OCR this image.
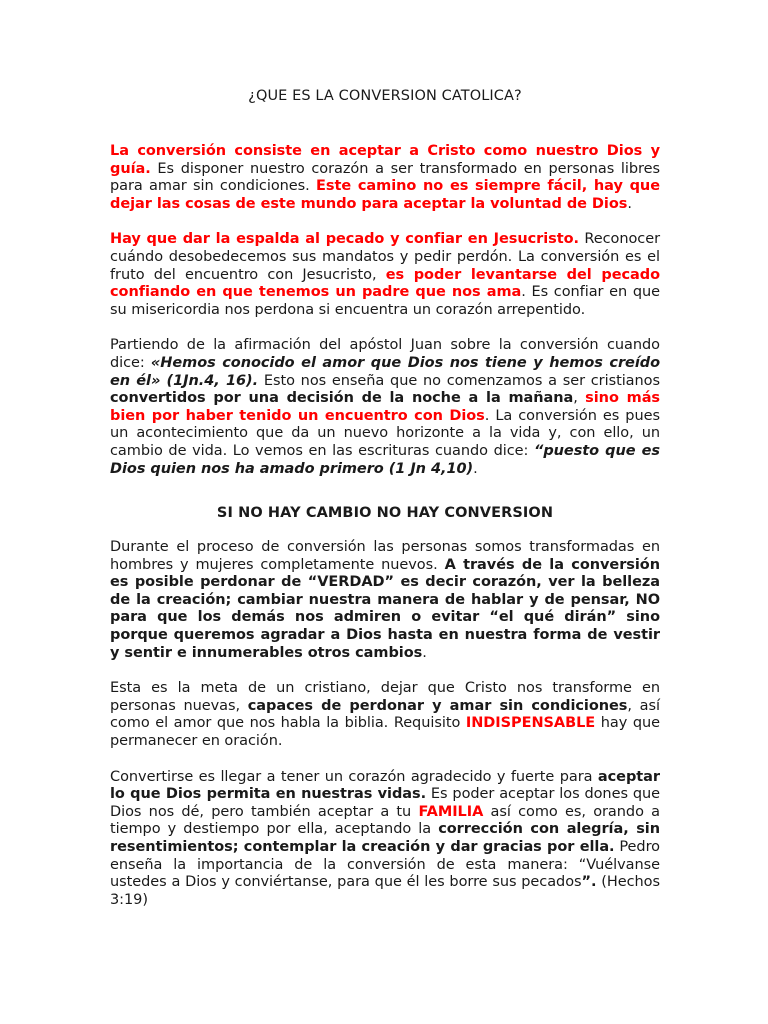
¿QUE ES LA CONVERSION CATOLICA?

La conversión consiste en aceptar a Cristo como nuestro Dios y guía. Es disponer nuestro corazón a ser transformado en personas libres para amar sin condiciones. Este camino no es siempre fácil, hay que dejar las cosas de este mundo para aceptar la voluntad de Dios.

Hay que dar la espalda al pecado y confiar en Jesucristo. Reconocer cuándo desobedecemos sus mandatos y pedir perdón. La conversión es el fruto del encuentro con Jesucristo, es poder levantarse del pecado confiando en que tenemos un padre que nos ama. Es confiar en que su misericordia nos perdona si encuentra un corazón arrepentido.

Partiendo de la afirmación del apóstol Juan sobre la conversión cuando dice: «Hemos conocido el amor que Dios nos tiene y hemos creído en él» (1Jn.4, 16). Esto nos enseña que no comenzamos a ser cristianos convertidos por una decisión de la noche a la mañana, sino más bien por haber tenido un encuentro con Dios. La conversión es pues un acontecimiento que da un nuevo horizonte a la vida y, con ello, un cambio de vida. Lo vemos en las escrituras cuando dice: “puesto que es Dios quien nos ha amado primero (1 Jn 4,10).

SI NO HAY CAMBIO NO HAY CONVERSION

Durante el proceso de conversión las personas somos transformadas en hombres y mujeres completamente nuevos. A través de la conversión es posible perdonar de “VERDAD” es decir corazón, ver la belleza de la creación; cambiar nuestra manera de hablar y de pensar, NO para que los demás nos admiren o evitar “el qué dirán” sino porque queremos agradar a Dios hasta en nuestra forma de vestir y sentir e innumerables otros cambios.

Esta es la meta de un cristiano, dejar que Cristo nos transforme en personas nuevas, capaces de perdonar y amar sin condiciones, así como el amor que nos habla la biblia. Requisito INDISPENSABLE hay que permanecer en oración.

Convertirse es llegar a tener un corazón agradecido y fuerte para aceptar lo que Dios permita en nuestras vidas. Es poder aceptar los dones que Dios nos dé, pero también aceptar a tu FAMILIA así como es, orando a tiempo y destiempo por ella, aceptando la corrección con alegría, sin resentimientos; contemplar la creación y dar gracias por ella. Pedro enseña la importancia de la conversión de esta manera: “Vuélvanse ustedes a Dios y conviértanse, para que él les borre sus pecados”. (Hechos 3:19)
